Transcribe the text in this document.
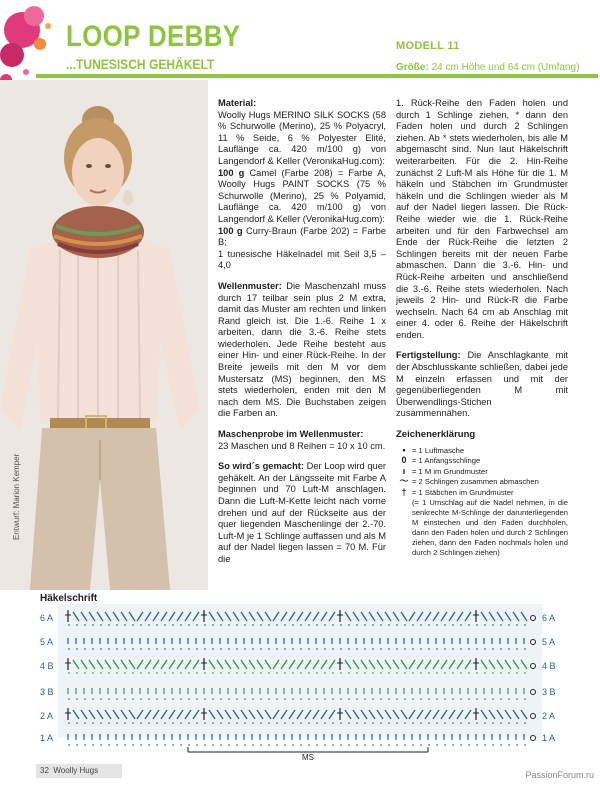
LOOP DEBBY
...TUNESISCH GEHÄKELT
MODELL 11
Größe: 24 cm Höhe und 64 cm (Umfang)
Entwurf: Marion Kemper

Material:
Woolly Hugs MERINO SILK SOCKS (58 % Schurwolle (Merino), 25 % Polyacryl, 11 % Seide, 6 % Polyester Elité, Lauflänge ca. 420 m/100 g) von Langendorf & Keller (VeronikaHug.com):
100 g Camel (Farbe 208) = Farbe A, Woolly Hugs PAINT SOCKS (75 % Schurwolle (Merino), 25 % Polyamid, Lauflänge ca. 420 m/100 g) von Langendorf & Keller (VeronikaHug.com):
100 g Curry-Braun (Farbe 202) = Farbe B;
1 tunesische Häkelnadel mit Seil 3,5 – 4,0

Wellenmuster: Die Maschenzahl muss durch 17 teilbar sein plus 2 M extra, damit das Muster am rechten und linken Rand gleich ist. Die 1.-6. Reihe 1 x arbeiten, dann die 3.-6. Reihe stets wiederholen. Jede Reihe besteht aus einer Hin- und einer Rück-Reihe. In der Breite jeweils mit den M vor dem Mustersatz (MS) beginnen, den MS stets wiederholen, enden mit den M nach dem MS. Die Buchstaben zeigen die Farben an.

Maschenprobe im Wellenmuster:
23 Maschen und 8 Reihen = 10 x 10 cm.

So wird´s gemacht: Der Loop wird quer gehäkelt. An der Längsseite mit Farbe A beginnen und 70 Luft-M anschlagen. Dann die Luft-M-Kette leicht nach vorne drehen und auf der Rückseite aus der quer liegenden Maschenlinge der 2.-70. Luft-M je 1 Schlinge auffassen und als M auf der Nadel liegen lassen = 70 M. Für die

1. Rück-Reihe den Faden holen und durch 1 Schlinge ziehen, * dann den Faden holen und durch 2 Schlingen ziehen. Ab * stets wiederholen, bis alle M abgemascht sind. Nun laut Häkelschrift weiterarbeiten. Für die 2. Hin-Reihe zunächst 2 Luft-M als Höhe für die 1. M häkeln und Stäbchen im Grundmuster häkeln und die Schlingen wieder als M auf der Nadel liegen lassen. Die Rück-Reihe wieder wie die 1. Rück-Reihe arbeiten und für den Farbwechsel am Ende der Rück-Reihe die letzten 2 Schlingen bereits mit der neuen Farbe abmaschen. Dann die 3.-6. Hin- und Rück-Reihe arbeiten und anschließend die 3.-6. Reihe stets wiederholen. Nach jeweils 2 Hin- und Rück-R die Farbe wechseln. Nach 64 cm ab Anschlag mit einer 4. oder 6. Reihe der Häkelschrift enden.

Fertigstellung: Die Anschlagkante mit der Abschlusskante schließen, dabei jede M einzeln erfassen und mit der gegenüberliegenden M mit Überwendlings-Stichen zusammennähen.

Zeichenerklärung
• = 1 Luftmasche
0 = 1 Anfangsschlinge
ı = 1 M im Grundmuster
〜 = 2 Schlingen zusammen abmaschen
† = 1 Stäbchen im Grundmuster
(= 1 Umschlag auf die Nadel nehmen, in die senkrechte M-Schlinge der darunterliegenden M einstechen und den Faden durchholen, dann den Faden holen und durch 2 Schlingen ziehen, dann den Faden nochmals holen und durch 2 Schlingen ziehen)
Häkelschrift
6 A	6 A
5 A	5 A
4 B	4 B
3 B	3 B
2 A	2 A
1 A	1 A
MS
32 Woolly Hugs	PassionForum.ru
